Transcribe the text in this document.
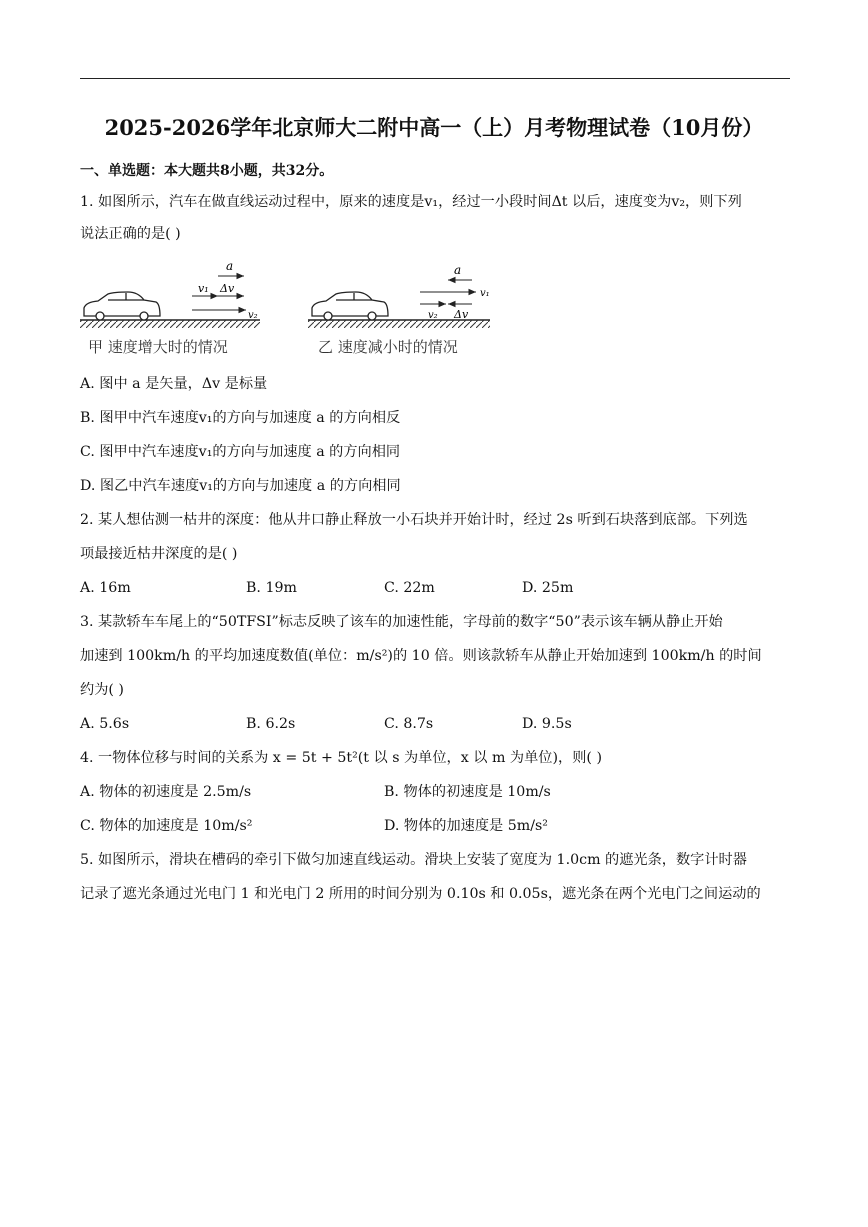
2025-2026学年北京师大二附中高一（上）月考物理试卷（10月份）
一、单选题：本大题共8小题，共32分。
1. 如图所示，汽车在做直线运动过程中，原来的速度是v₁，经过一小段时间Δt 以后，速度变为v₂，则下列
说法正确的是( )
a
Δv
v₁
v₂
a
v₁
v₂ Δv
甲 速度增大时的情况	乙 速度减小时的情况
A. 图中 a 是矢量，Δv 是标量
B. 图甲中汽车速度v₁的方向与加速度 a 的方向相反
C. 图甲中汽车速度v₁的方向与加速度 a 的方向相同
D. 图乙中汽车速度v₁的方向与加速度 a 的方向相同
2. 某人想估测一枯井的深度：他从井口静止释放一小石块并开始计时，经过 2s 听到石块落到底部。下列选
项最接近枯井深度的是( )
A. 16m	B. 19m	C. 22m	D. 25m
3. 某款轿车车尾上的“50TFSI”标志反映了该车的加速性能，字母前的数字“50”表示该车辆从静止开始
加速到 100km/h 的平均加速度数值(单位：m/s²)的 10 倍。则该款轿车从静止开始加速到 100km/h 的时间
约为( )
A. 5.6s	B. 6.2s	C. 8.7s	D. 9.5s
4. 一物体位移与时间的关系为 x = 5t + 5t²(t 以 s 为单位，x 以 m 为单位)，则( )
A. 物体的初速度是 2.5m/s	B. 物体的初速度是 10m/s
C. 物体的加速度是 10m/s²	D. 物体的加速度是 5m/s²
5. 如图所示，滑块在槽码的牵引下做匀加速直线运动。滑块上安装了宽度为 1.0cm 的遮光条，数字计时器
记录了遮光条通过光电门 1 和光电门 2 所用的时间分别为 0.10s 和 0.05s，遮光条在两个光电门之间运动的
